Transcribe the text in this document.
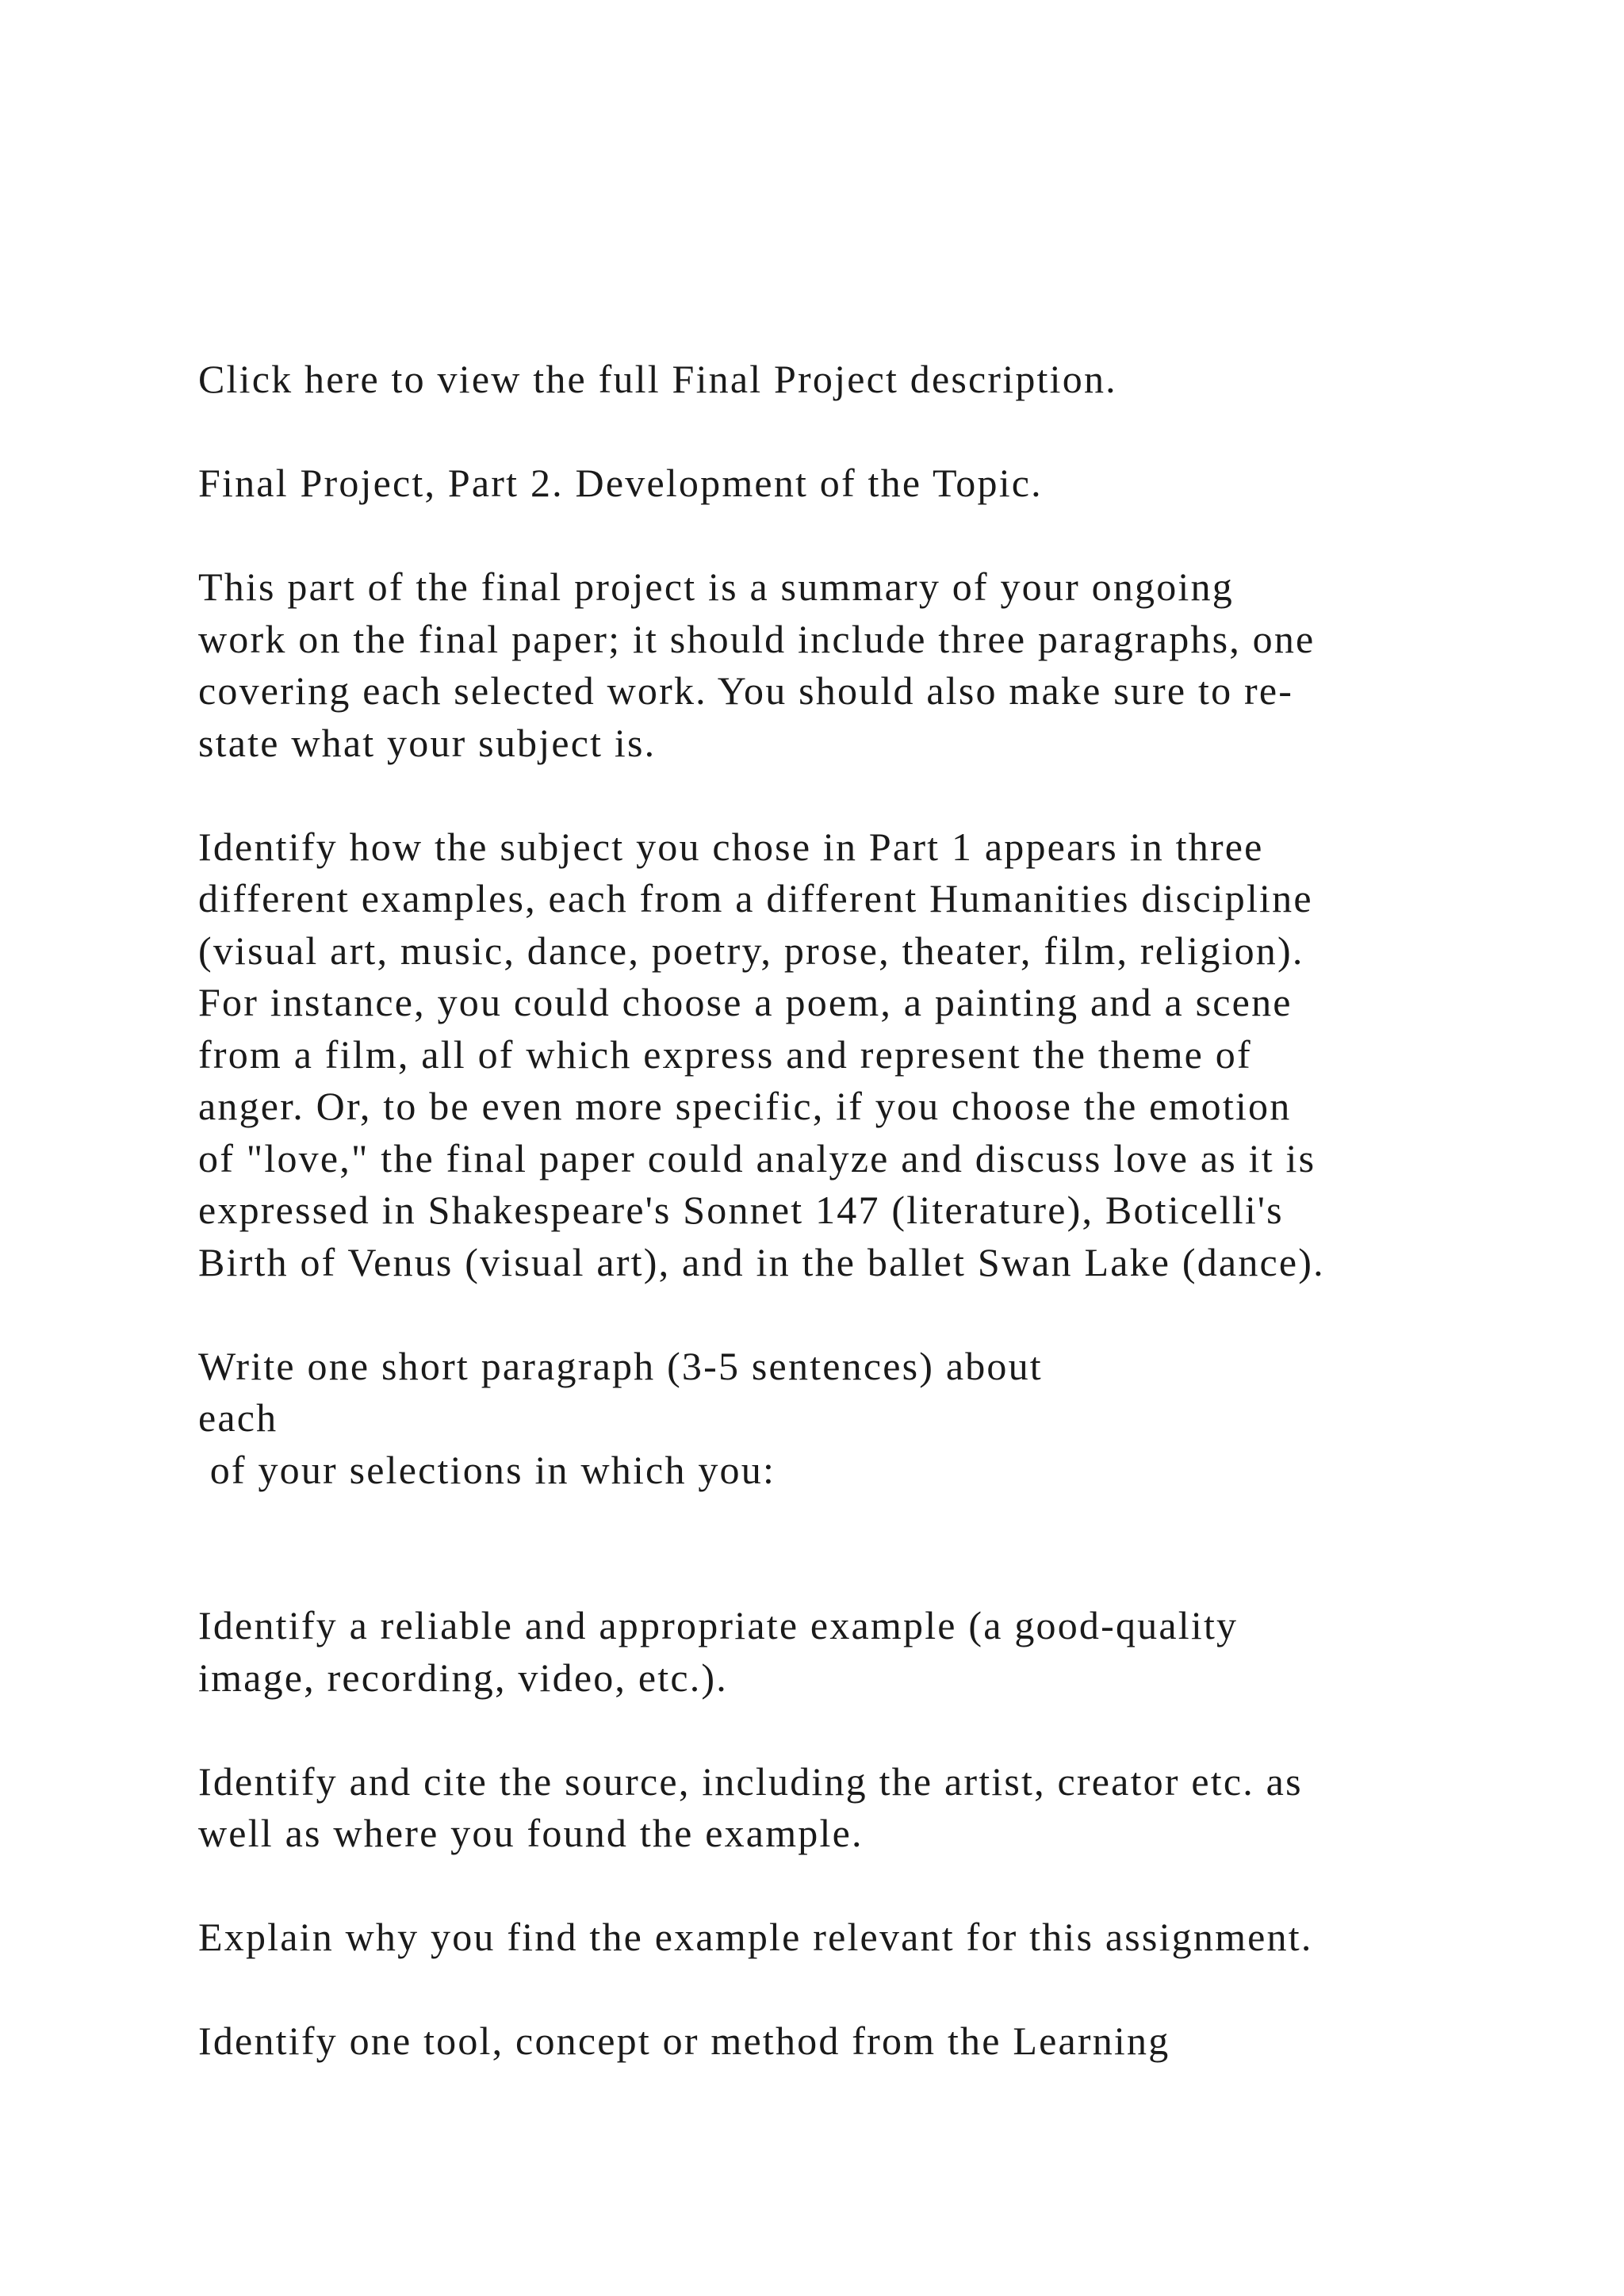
Click here to view the full Final Project description.

Final Project, Part 2. Development of the Topic.

This part of the final project is a summary of your ongoing

work on the final paper; it should include three paragraphs, one

covering each selected work. You should also make sure to re-

state what your subject is.

Identify how the subject you chose in Part 1 appears in three

different examples, each from a different Humanities discipline

(visual art, music, dance, poetry, prose, theater, film, religion).

For instance, you could choose a poem, a painting and a scene

from a film, all of which express and represent the theme of

anger. Or, to be even more specific, if you choose the emotion

of "love," the final paper could analyze and discuss love as it is

expressed in Shakespeare's Sonnet 147 (literature), Boticelli's

Birth of Venus (visual art), and in the ballet Swan Lake (dance).

Write one short paragraph (3-5 sentences) about

each

of your selections in which you:

Identify a reliable and appropriate example (a good-quality

image, recording, video, etc.).

Identify and cite the source, including the artist, creator etc. as

well as where you found the example.

Explain why you find the example relevant for this assignment.

Identify one tool, concept or method from the Learning
